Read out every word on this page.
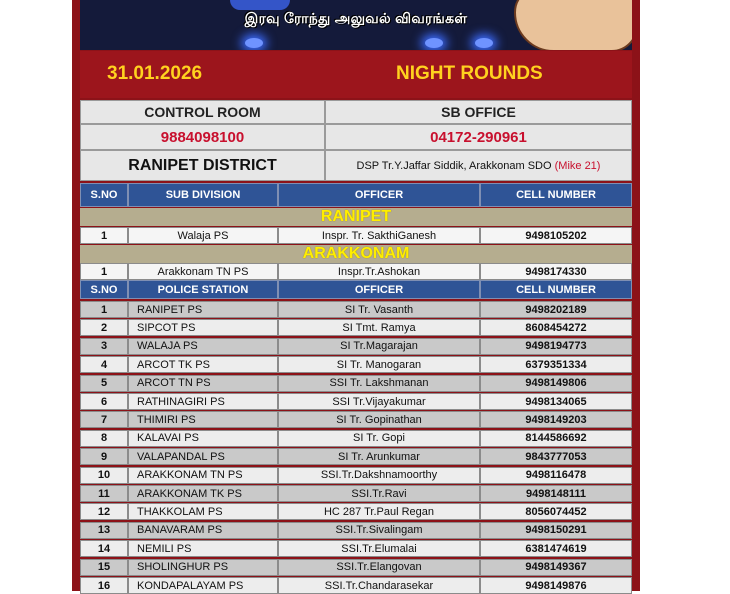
இரவு ரோந்து அலுவல் விவரங்கள்
31.01.2026	NIGHT ROUNDS
CONTROL ROOM	SB OFFICE
9884098100	04172-290961
RANIPET DISTRICT	DSP Tr.Y.Jaffar Siddik, Arakkonam SDO
(Mike 21)
S.NO	SUB DIVISION	OFFICER	CELL NUMBER
RANIPET
1	Walaja PS	Inspr. Tr. SakthiGanesh	9498105202
ARAKKONAM
1	Arakkonam TN PS	Inspr.Tr.Ashokan	9498174330
S.NO	POLICE STATION	OFFICER	CELL NUMBER
1	RANIPET PS	SI Tr. Vasanth	9498202189
2	SIPCOT PS	SI Tmt. Ramya	8608454272
3	WALAJA PS	SI Tr.Magarajan	9498194773
4	ARCOT TK PS	SI Tr. Manogaran	6379351334
5	ARCOT TN PS	SSI Tr. Lakshmanan	9498149806
6	RATHINAGIRI PS	SSI Tr.Vijayakumar	9498134065
7	THIMIRI PS	SI Tr. Gopinathan	9498149203
8	KALAVAI PS	SI Tr. Gopi	8144586692
9	VALAPANDAL PS	SI Tr. Arunkumar	9843777053
10	ARAKKONAM TN PS	SSI.Tr.Dakshnamoorthy	9498116478
11	ARAKKONAM TK PS	SSI.Tr.Ravi	9498148111
12	THAKKOLAM PS	HC 287 Tr.Paul Regan	8056074452
13	BANAVARAM PS	SSI.Tr.Sivalingam	9498150291
14	NEMILI PS	SSI.Tr.Elumalai	6381474619
15	SHOLINGHUR PS	SSI.Tr.Elangovan	9498149367
16	KONDAPALAYAM PS	SSI.Tr.Chandarasekar	9498149876
